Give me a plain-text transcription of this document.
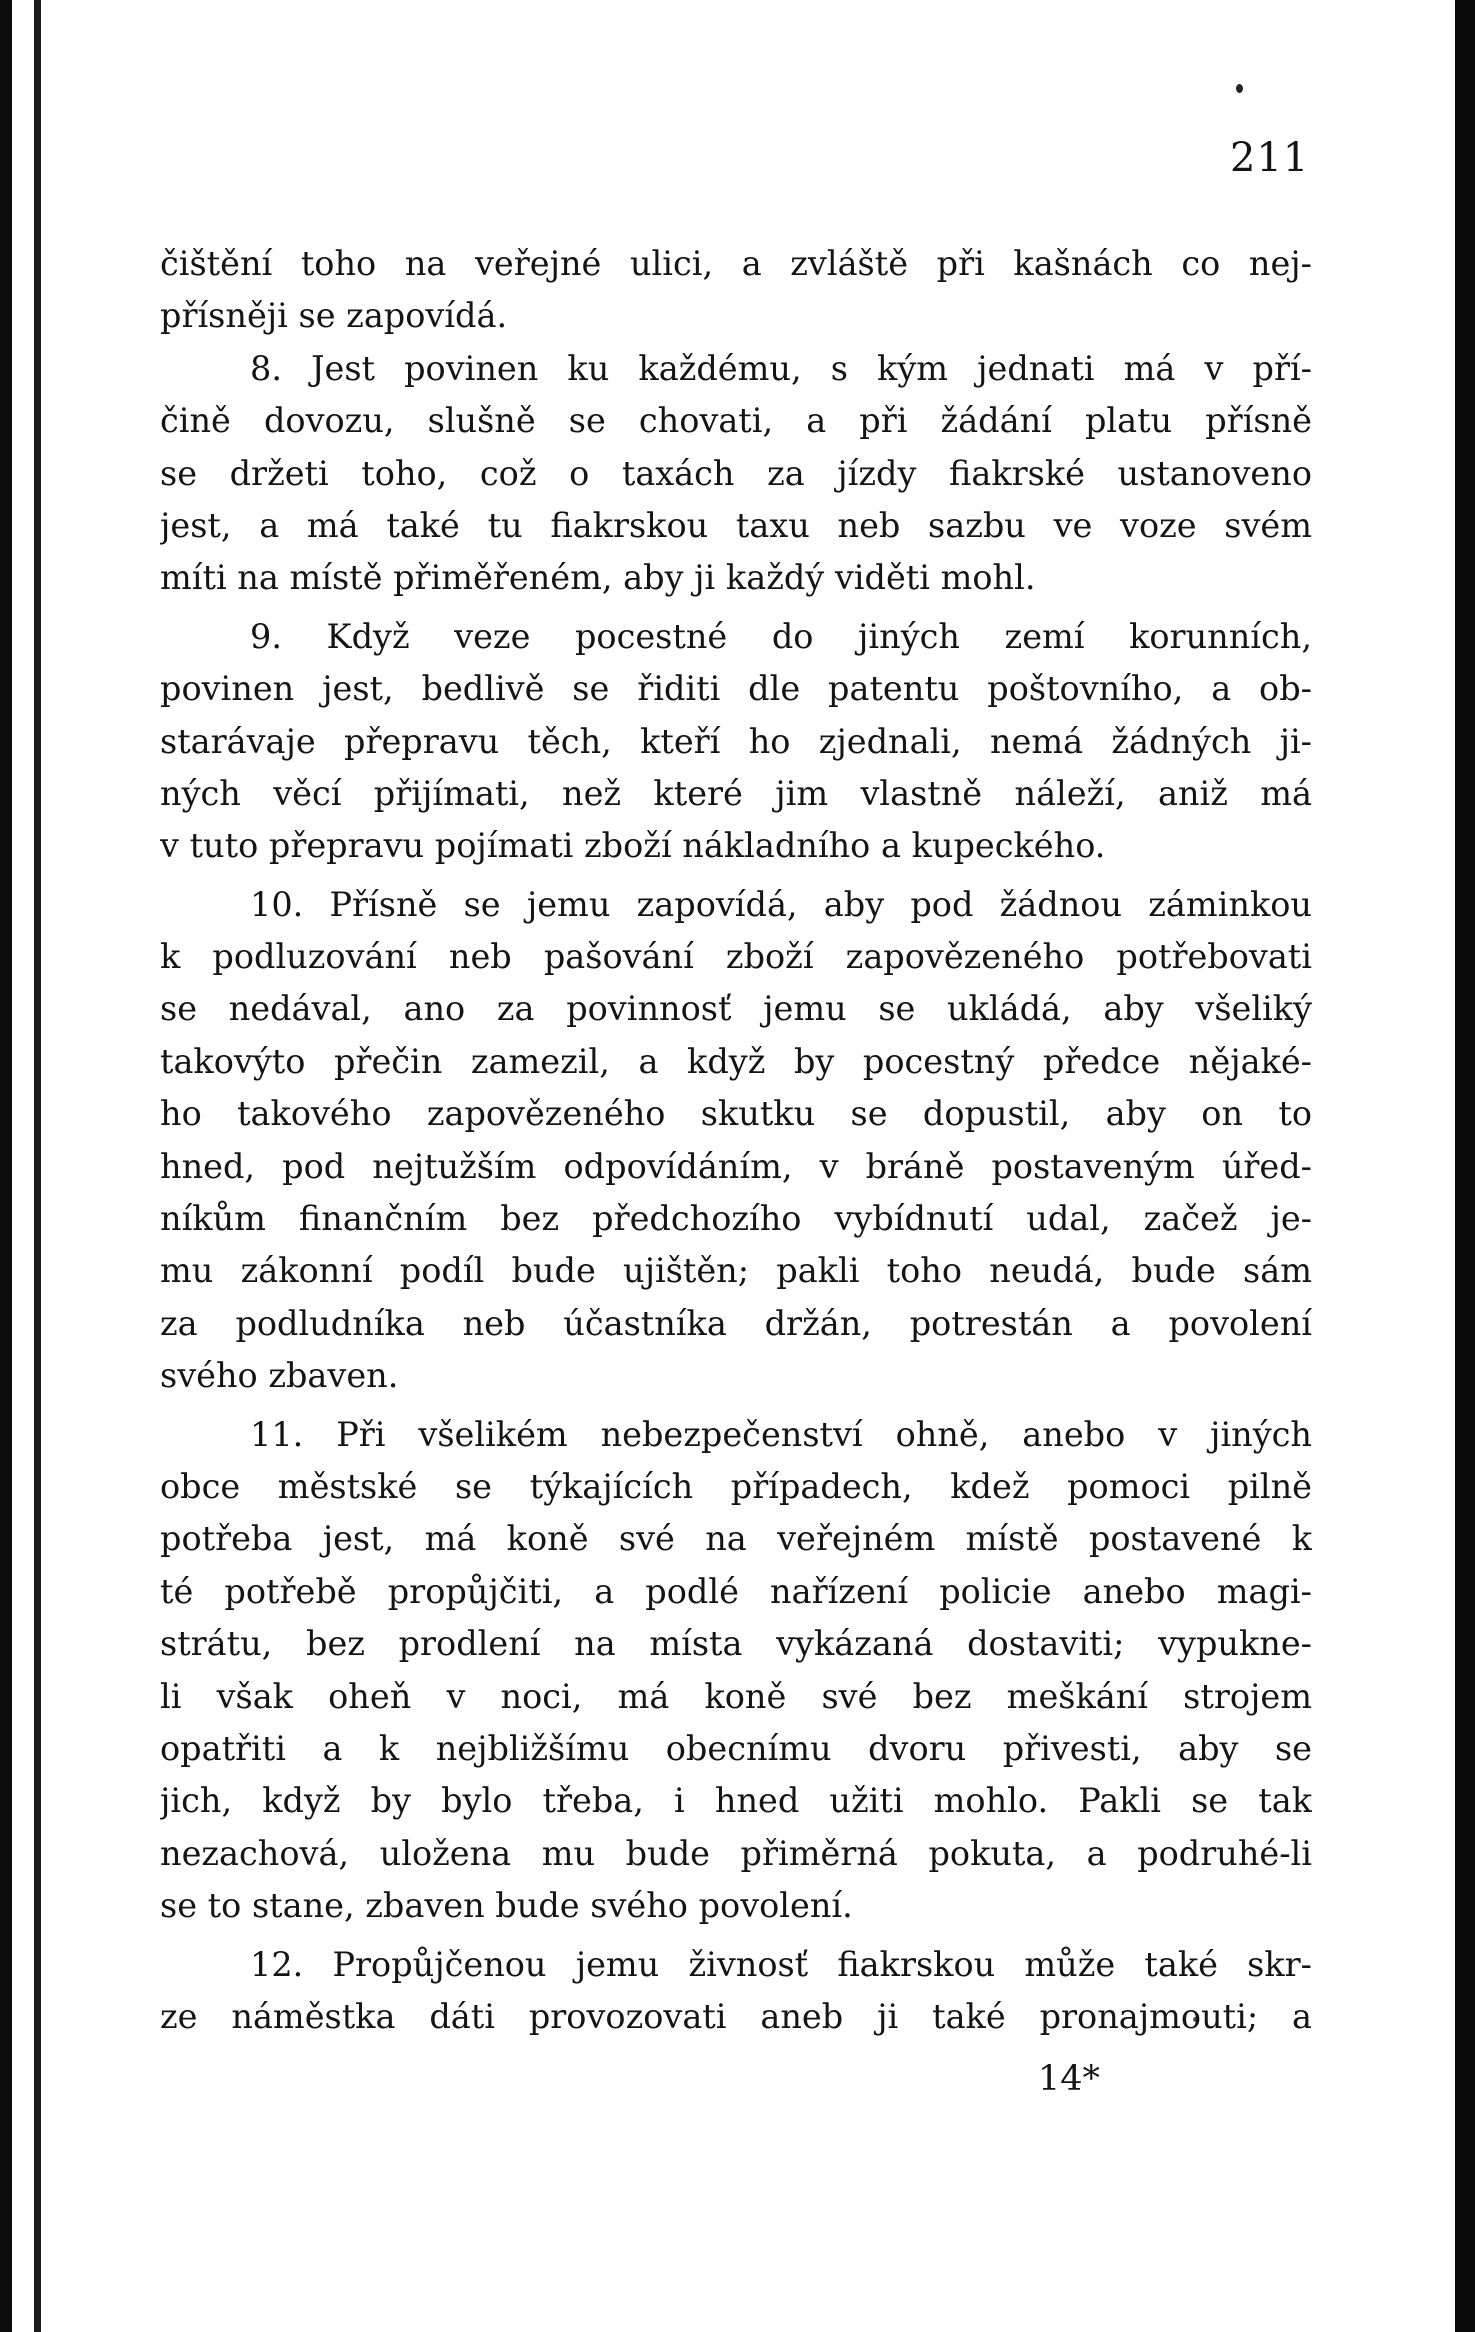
211
čištění toho na veřejné ulici, a zvláště při kašnách co nej-
přísněji se zapovídá.
8. Jest povinen ku každému, s kým jednati má v pří-
čině dovozu, slušně se chovati, a při žádání platu přísně
se držeti toho, což o taxách za jízdy fiakrské ustanoveno
jest, a má také tu fiakrskou taxu neb sazbu ve voze svém
míti na místě přiměřeném, aby ji každý viděti mohl.
9. Když veze pocestné do jiných zemí korunních,
povinen jest, bedlivě se řiditi dle patentu poštovního, a ob-
starávaje přepravu těch, kteří ho zjednali, nemá žádných ji-
ných věcí přijímati, než které jim vlastně náleží, aniž má
v tuto přepravu pojímati zboží nákladního a kupeckého.
10. Přísně se jemu zapovídá, aby pod žádnou záminkou
k podluzování neb pašování zboží zapovězeného potřebovati
se nedával, ano za povinnosť jemu se ukládá, aby všeliký
takovýto přečin zamezil, a když by pocestný předce nějaké-
ho takového zapovězeného skutku se dopustil, aby on to
hned, pod nejtužším odpovídáním, v bráně postaveným úřed-
níkům finančním bez předchozího vybídnutí udal, začež je-
mu zákonní podíl bude ujištěn; pakli toho neudá, bude sám
za podludníka neb účastníka držán, potrestán a povolení
svého zbaven.
11. Při všelikém nebezpečenství ohně, anebo v jiných
obce městské se týkajících případech, kdež pomoci pilně
potřeba jest, má koně své na veřejném místě postavené k
té potřebě propůjčiti, a podlé nařízení policie anebo magi-
strátu, bez prodlení na místa vykázaná dostaviti; vypukne-
li však oheň v noci, má koně své bez meškání strojem
opatřiti a k nejbližšímu obecnímu dvoru přivesti, aby se
jich, když by bylo třeba, i hned užiti mohlo. Pakli se tak
nezachová, uložena mu bude přiměrná pokuta, a podruhé-li
se to stane, zbaven bude svého povolení.
12. Propůjčenou jemu živnosť fiakrskou může také skr-
ze náměstka dáti provozovati aneb ji také pronajmouti; a
14*
